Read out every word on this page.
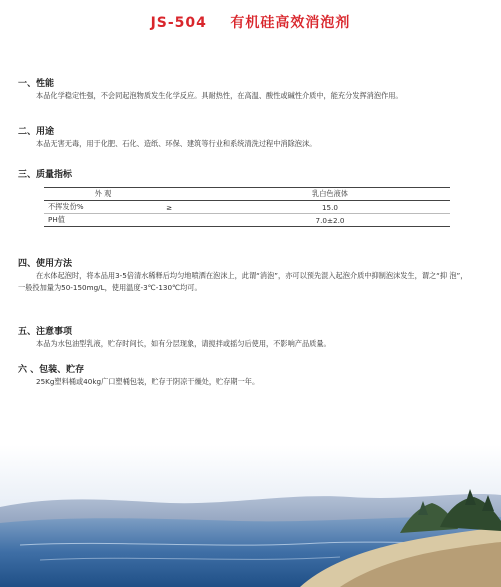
JS-504    有机硅高效消泡剂
一、性能
本品化学稳定性强，不会同起泡物质发生化学反应。具耐热性，在高温、酸性或碱性介质中，能充分发挥消泡作用。
二、用途
本品无害无毒，用于化肥、石化、造纸、环保、建筑等行业和系统清洗过程中消除泡沫。
三、质量指标
外 观		乳白色液体
不挥发份%	≥	15.0
PH值		7.0±2.0
四、使用方法
在水体起泡时，将本品用3-5倍清水稀释后均匀地喷洒在泡沫上，此谓“消泡”，亦可以预先混入起泡介质中抑制泡沫发生，谓之“抑 泡”，一般投加量为50-150mg/L，使用温度-3℃-130℃均可。
五、注意事项
本品为水包油型乳液，贮存时间长，如有分层现象，请搅拌或摇匀后使用，不影响产品质量。
六 、包装、贮存
25Kg塑料桶或40kg广口塑桶包装，贮存于阴凉干燥处，贮存期一年。
